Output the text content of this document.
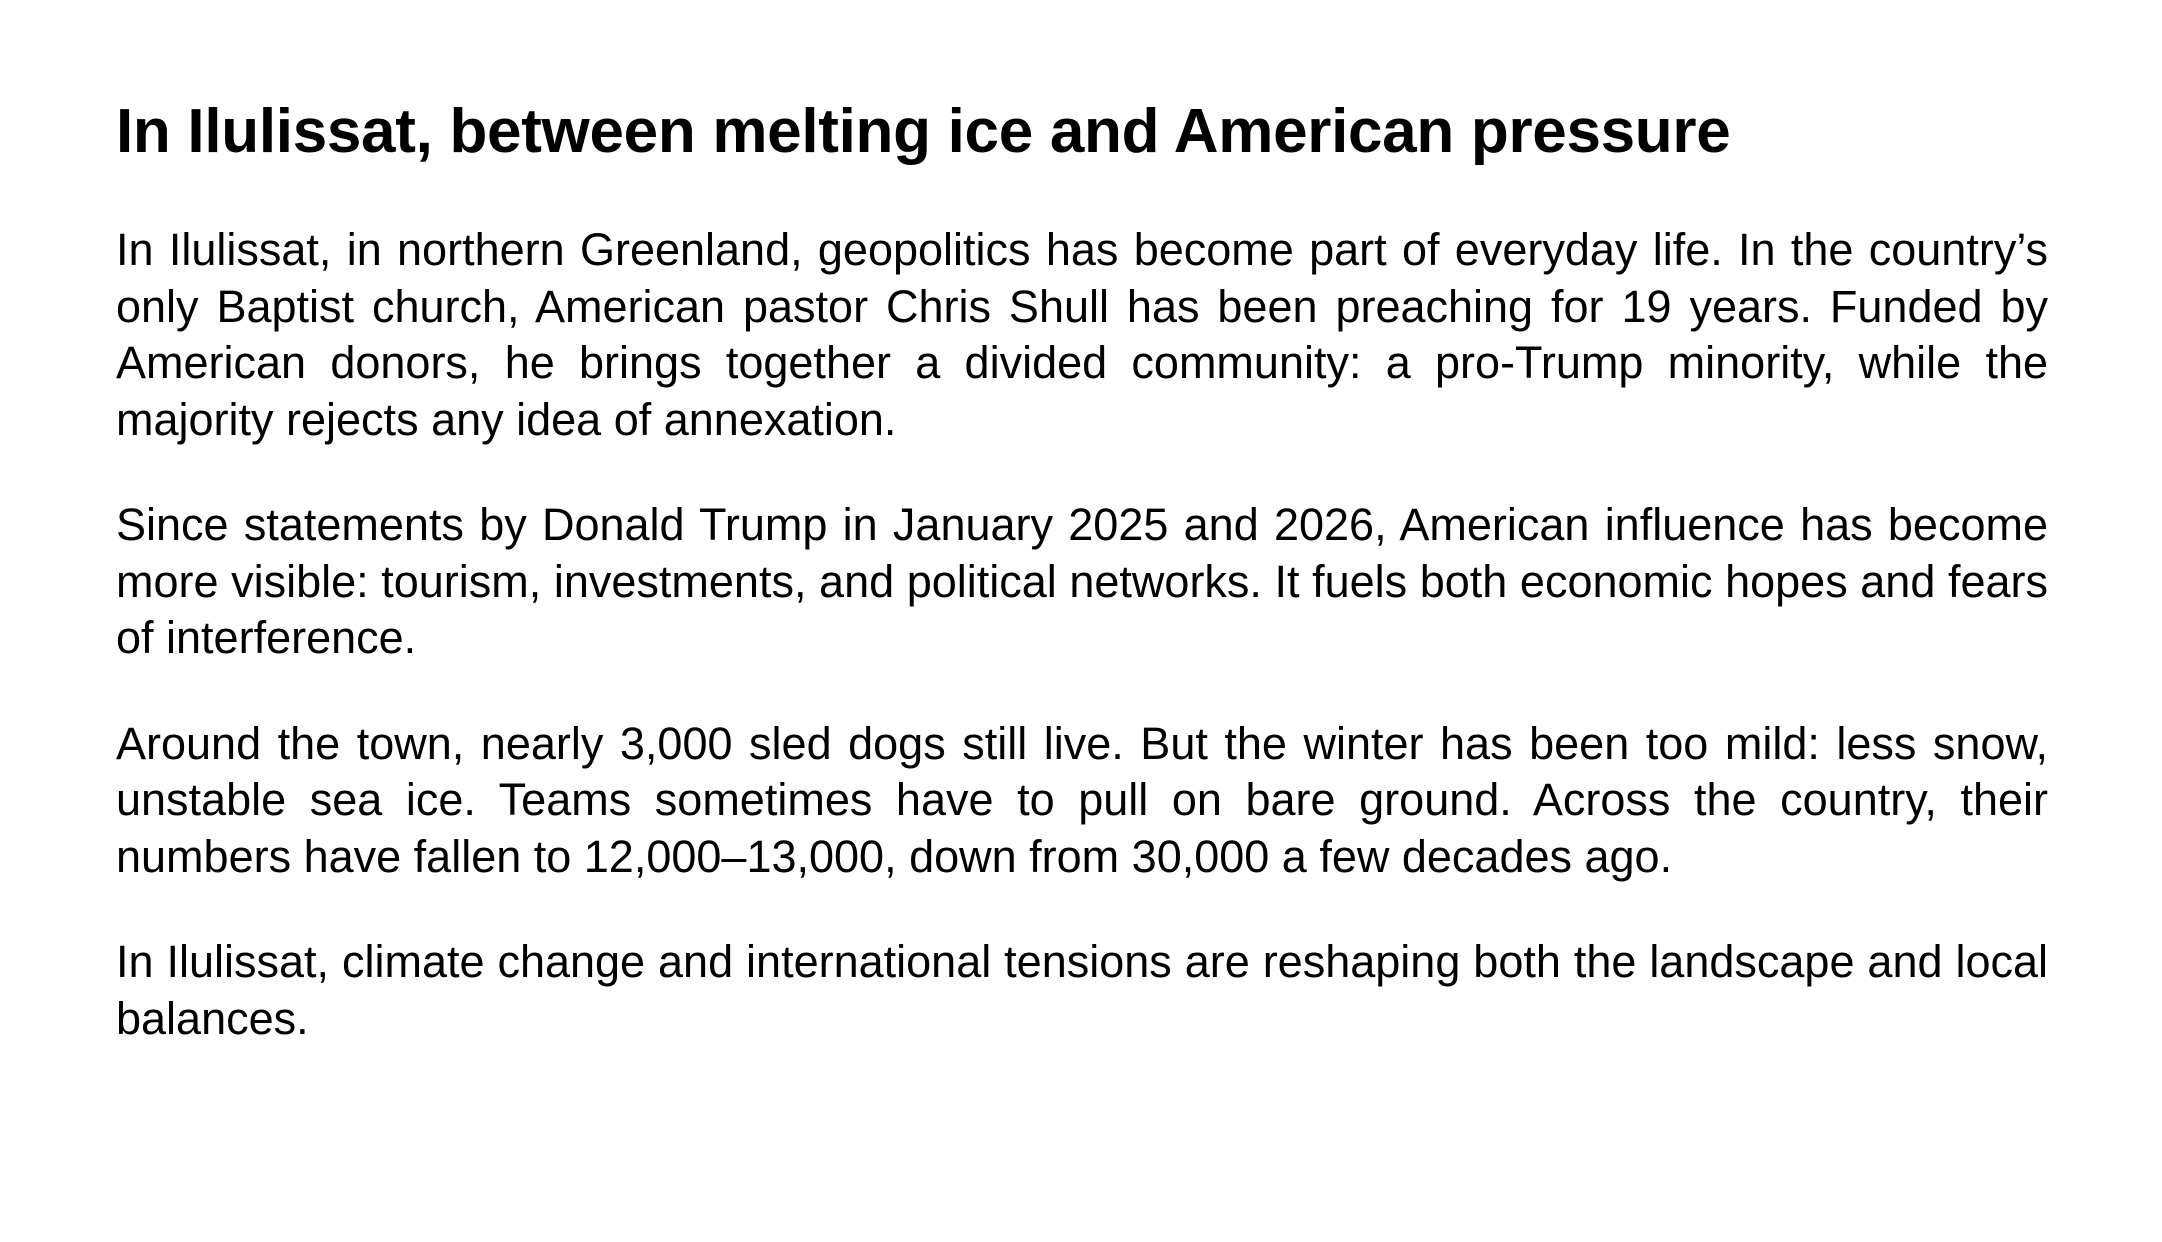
In Ilulissat, between melting ice and American pressure

In Ilulissat, in northern Greenland, geopolitics has become part of everyday life. In the country’s only Baptist church, American pastor Chris Shull has been preaching for 19 years. Funded by American donors, he brings together a divided community: a pro-Trump minority, while the majority rejects any idea of annexation.

Since statements by Donald Trump in January 2025 and 2026, American influence has become more visible: tourism, investments, and political networks. It fuels both economic hopes and fears of interference.

Around the town, nearly 3,000 sled dogs still live. But the winter has been too mild: less snow, unstable sea ice. Teams sometimes have to pull on bare ground. Across the country, their numbers have fallen to 12,000–13,000, down from 30,000 a few decades ago.

In Ilulissat, climate change and international tensions are reshaping both the landscape and local balances.
